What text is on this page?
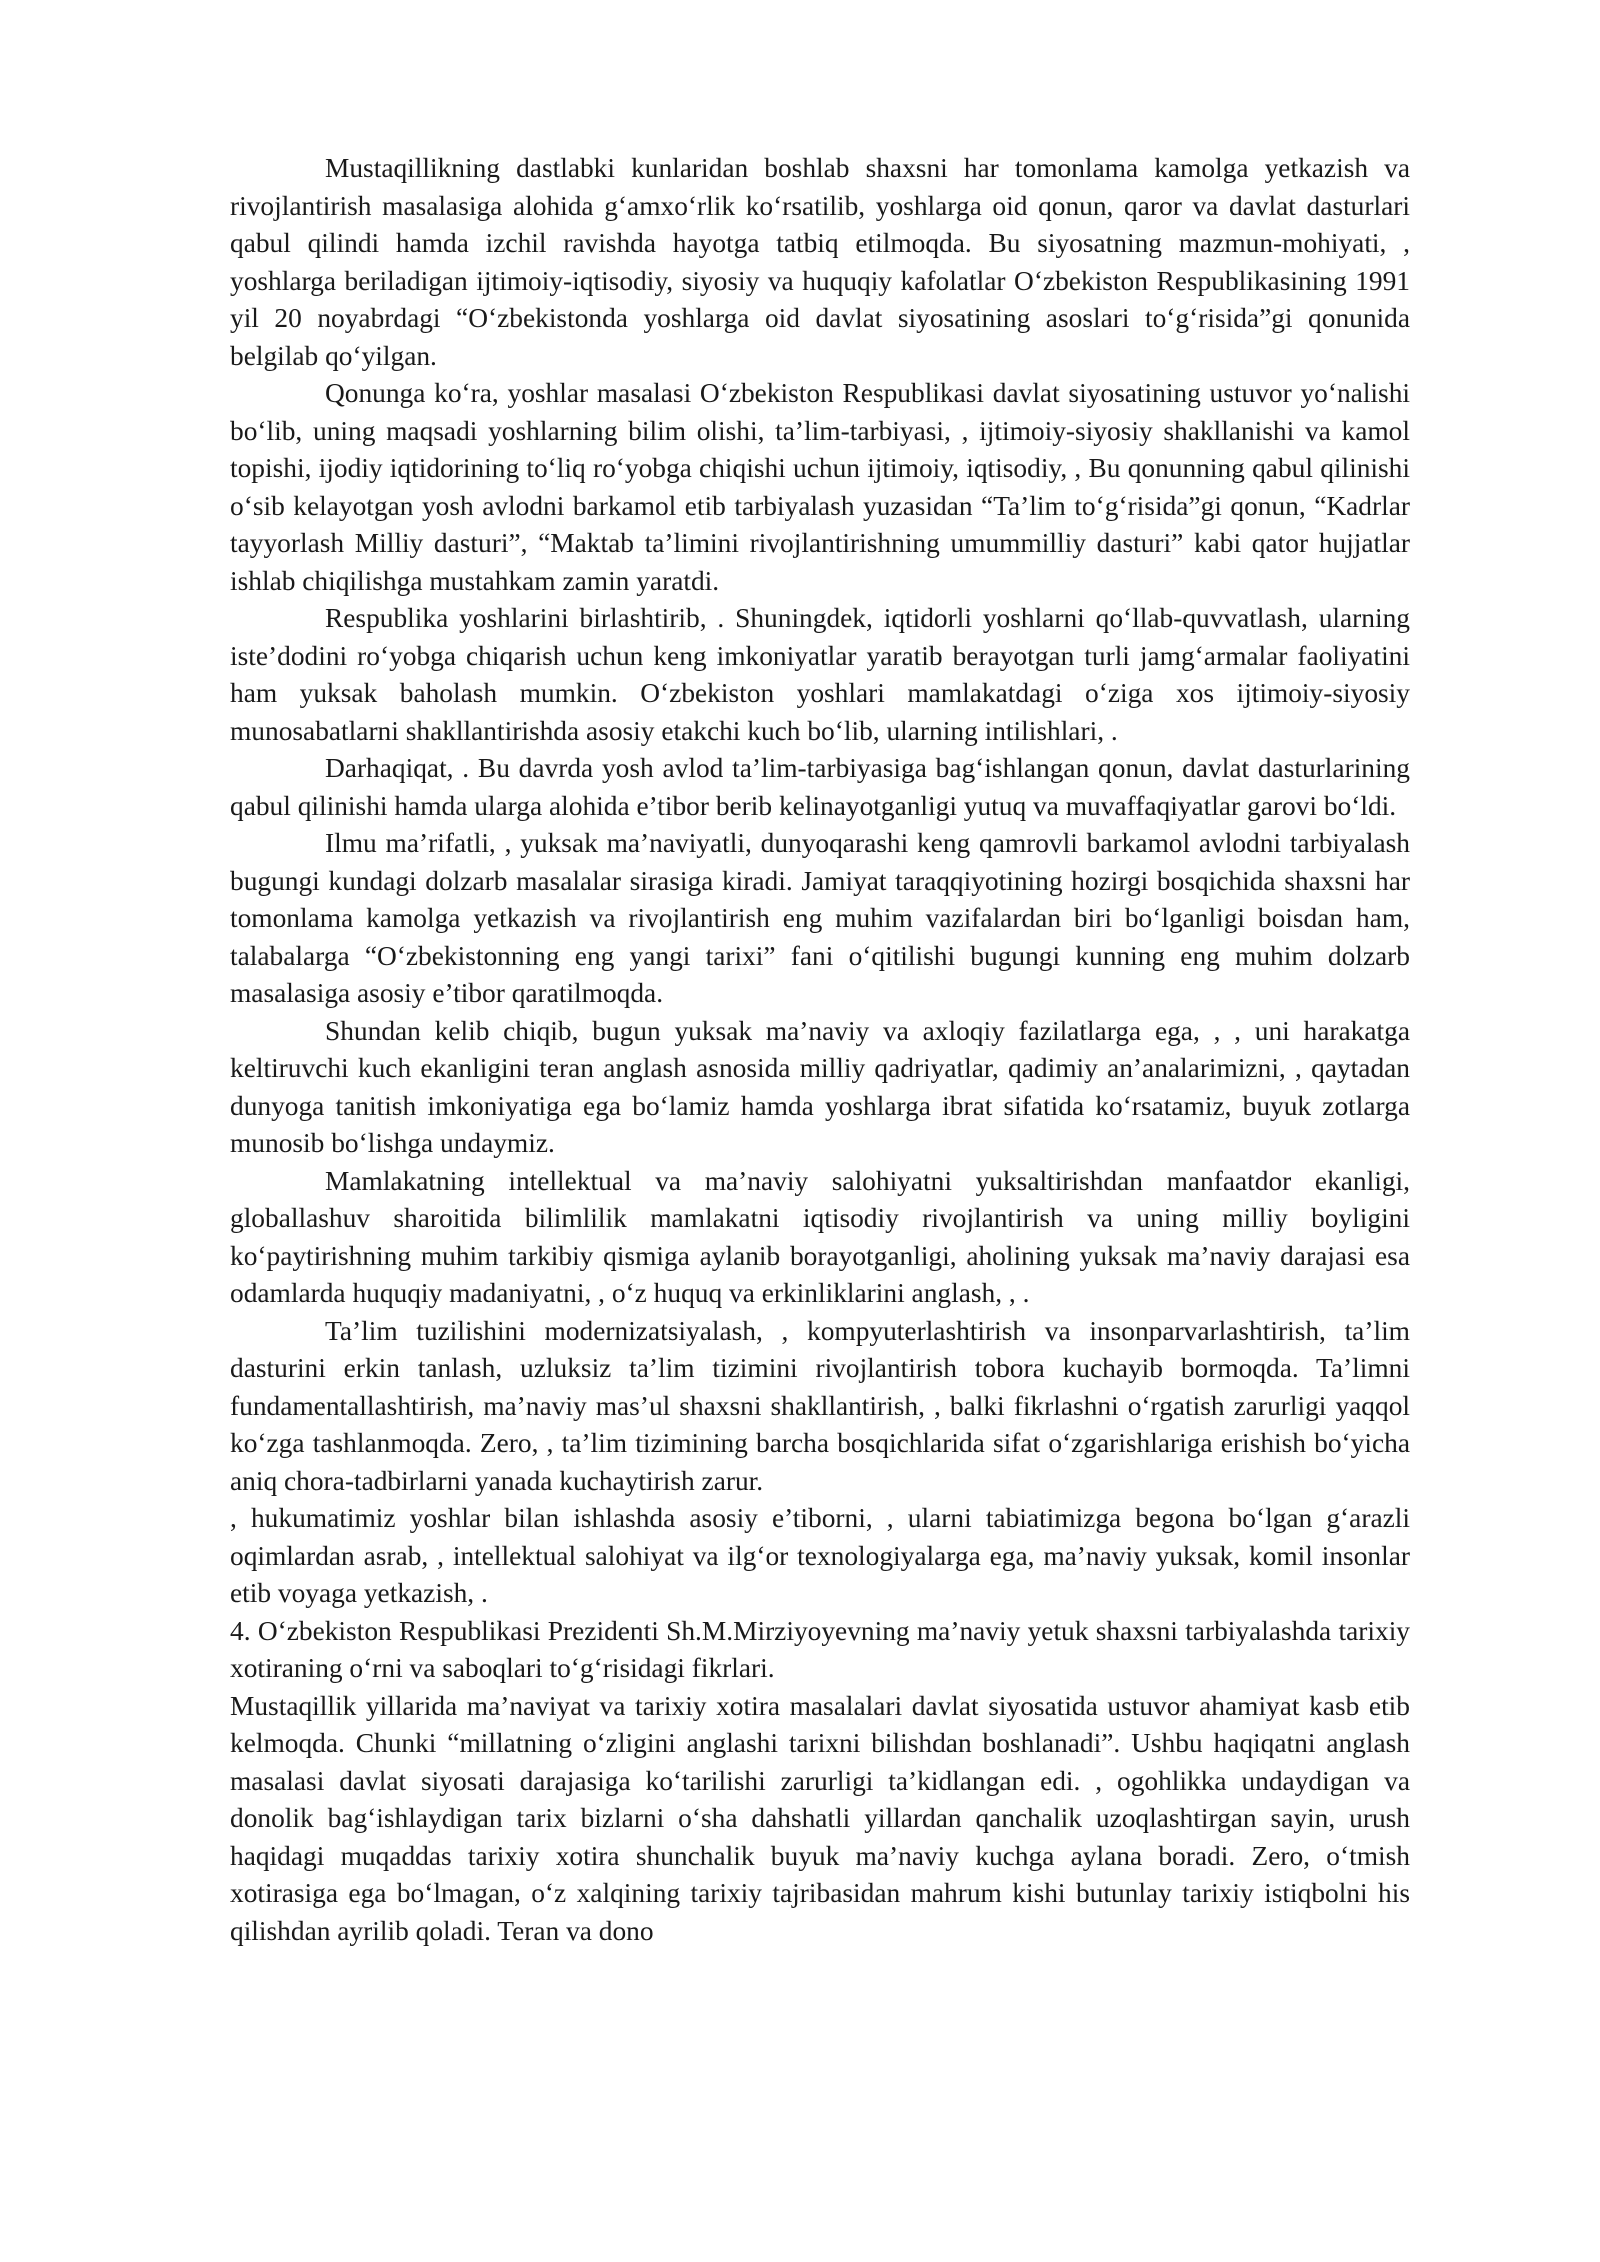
Mustaqillikning dastlabki kunlaridan boshlab shaxsni har tomonlama kamolga yetkazish va rivojlantirish masalasiga alohida g‘amxo‘rlik ko‘rsatilib, yoshlarga oid qonun, qaror va davlat dasturlari qabul qilindi hamda izchil ravishda hayotga tatbiq etilmoqda. Bu siyosatning mazmun-mohiyati, , yoshlarga beriladigan ijtimoiy-iqtisodiy, siyosiy va huquqiy kafolatlar O‘zbekiston Respublikasining 1991 yil 20 noyabrdagi “O‘zbekistonda yoshlarga oid davlat siyosatining asoslari to‘g‘risida”gi qonunida belgilab qo‘yilgan.

Qonunga ko‘ra, yoshlar masalasi O‘zbekiston Respublikasi davlat siyosatining ustuvor yo‘nalishi bo‘lib, uning maqsadi yoshlarning bilim olishi, ta’lim-tarbiyasi, , ijtimoiy-siyosiy shakllanishi va kamol topishi, ijodiy iqtidorining to‘liq ro‘yobga chiqishi uchun ijtimoiy, iqtisodiy, , Bu qonunning qabul qilinishi o‘sib kelayotgan yosh avlodni barkamol etib tarbiyalash yuzasidan “Ta’lim to‘g‘risida”gi qonun, “Kadrlar tayyorlash Milliy dasturi”, “Maktab ta’limini rivojlantirishning umummilliy dasturi” kabi qator hujjatlar ishlab chiqilishga mustahkam zamin yaratdi.

Respublika yoshlarini birlashtirib, . Shuningdek, iqtidorli yoshlarni qo‘llab-quvvatlash, ularning iste’dodini ro‘yobga chiqarish uchun keng imkoniyatlar yaratib berayotgan turli jamg‘armalar faoliyatini ham yuksak baholash mumkin. O‘zbekiston yoshlari mamlakatdagi o‘ziga xos ijtimoiy-siyosiy munosabatlarni shakllantirishda asosiy etakchi kuch bo‘lib, ularning intilishlari, .

Darhaqiqat, . Bu davrda yosh avlod ta’lim-tarbiyasiga bag‘ishlangan qonun, davlat dasturlarining qabul qilinishi hamda ularga alohida e’tibor berib kelinayotganligi yutuq va muvaffaqiyatlar garovi bo‘ldi.

Ilmu ma’rifatli, , yuksak ma’naviyatli, dunyoqarashi keng qamrovli barkamol avlodni tarbiyalash bugungi kundagi dolzarb masalalar sirasiga kiradi. Jamiyat taraqqiyotining hozirgi bosqichida shaxsni har tomonlama kamolga yetkazish va rivojlantirish eng muhim vazifalardan biri bo‘lganligi boisdan ham, talabalarga “O‘zbekistonning eng yangi tarixi” fani o‘qitilishi bugungi kunning eng muhim dolzarb masalasiga asosiy e’tibor qaratilmoqda.

Shundan kelib chiqib, bugun yuksak ma’naviy va axloqiy fazilatlarga ega, , , uni harakatga keltiruvchi kuch ekanligini teran anglash asnosida milliy qadriyatlar, qadimiy an’analarimizni, , qaytadan dunyoga tanitish imkoniyatiga ega bo‘lamiz hamda yoshlarga ibrat sifatida ko‘rsatamiz, buyuk zotlarga munosib bo‘lishga undaymiz.

Mamlakatning intellektual va ma’naviy salohiyatni yuksaltirishdan manfaatdor ekanligi, globallashuv sharoitida bilimlilik mamlakatni iqtisodiy rivojlantirish va uning milliy boyligini ko‘paytirishning muhim tarkibiy qismiga aylanib borayotganligi, aholining yuksak ma’naviy darajasi esa odamlarda huquqiy madaniyatni, , o‘z huquq va erkinliklarini anglash, , .

Ta’lim tuzilishini modernizatsiyalash, , kompyuterlashtirish va insonparvarlashtirish, ta’lim dasturini erkin tanlash, uzluksiz ta’lim tizimini rivojlantirish tobora kuchayib bormoqda. Ta’limni fundamentallashtirish, ma’naviy mas’ul shaxsni shakllantirish, , balki fikrlashni o‘rgatish zarurligi yaqqol ko‘zga tashlanmoqda. Zero, , ta’lim tizimining barcha bosqichlarida sifat o‘zgarishlariga erishish bo‘yicha aniq chora-tadbirlarni yanada kuchaytirish zarur.

, hukumatimiz yoshlar bilan ishlashda asosiy e’tiborni, , ularni tabiatimizga begona bo‘lgan g‘arazli oqimlardan asrab, , intellektual salohiyat va ilg‘or texnologiyalarga ega, ma’naviy yuksak, komil insonlar etib voyaga yetkazish, .

4. O‘zbekiston Respublikasi Prezidenti Sh.M.Mirziyoyevning ma’naviy yetuk shaxsni tarbiyalashda tarixiy xotiraning o‘rni va saboqlari to‘g‘risidagi fikrlari.

Mustaqillik yillarida ma’naviyat va tarixiy xotira masalalari davlat siyosatida ustuvor ahamiyat kasb etib kelmoqda. Chunki “millatning o‘zligini anglashi tarixni bilishdan boshlanadi”. Ushbu haqiqatni anglash masalasi davlat siyosati darajasiga ko‘tarilishi zarurligi ta’kidlangan edi. , ogohlikka undaydigan va donolik bag‘ishlaydigan tarix bizlarni o‘sha dahshatli yillardan qanchalik uzoqlashtirgan sayin, urush haqidagi muqaddas tarixiy xotira shunchalik buyuk ma’naviy kuchga aylana boradi. Zero, o‘tmish xotirasiga ega bo‘lmagan, o‘z xalqining tarixiy tajribasidan mahrum kishi butunlay tarixiy istiqbolni his qilishdan ayrilib qoladi. Teran va dono
